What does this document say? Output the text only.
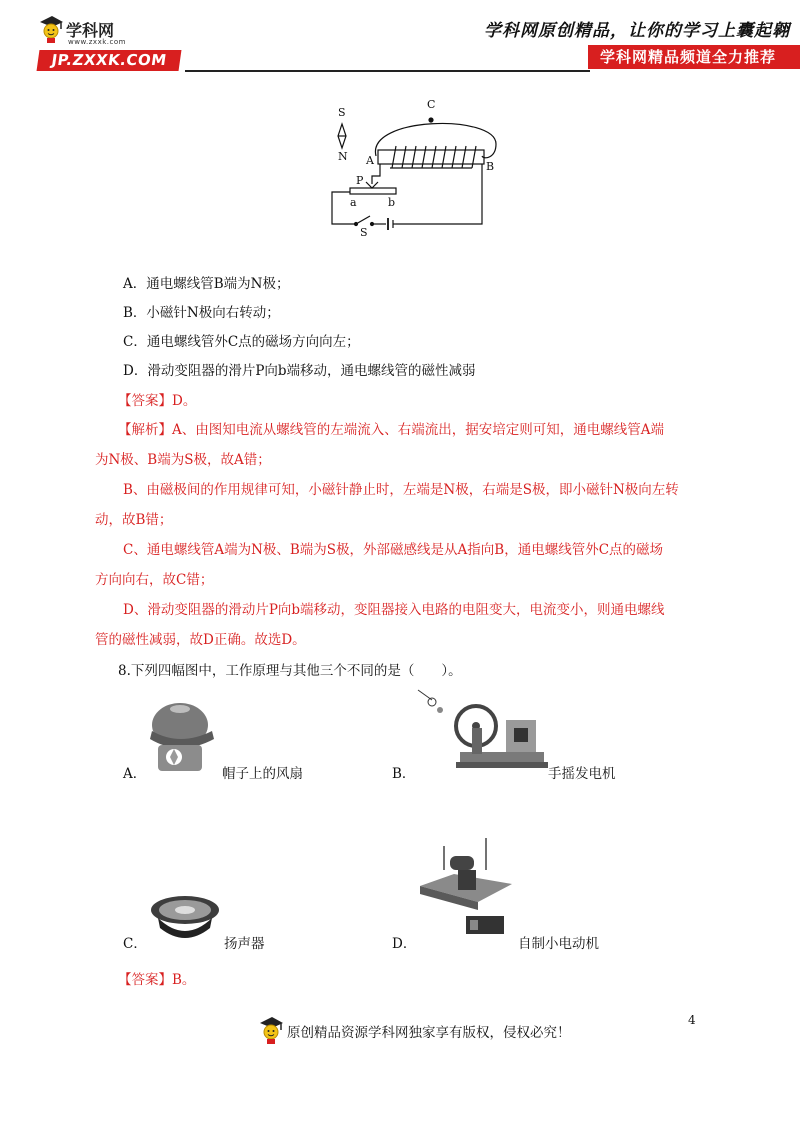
学科网
www.zxxk.com
JP.ZXXK.COM
学科网原创精品，让你的学习上囊起翱
学科网精品频道全力推荐
S
N
C
A	B
P
a	b
S
A．通电螺线管B端为N极；
B．小磁针N极向右转动；
C．通电螺线管外C点的磁场方向向左；
D．滑动变阻器的滑片P向b端移动，通电螺线管的磁性减弱
【答案】D。
【解析】A、由图知电流从螺线管的左端流入、右端流出，据安培定则可知，通电螺线管A端
为N极、B端为S极，故A错；
B、由磁极间的作用规律可知，小磁针静止时，左端是N极，右端是S极，即小磁针N极向左转
动，故B错；
C、通电螺线管A端为N极、B端为S极，外部磁感线是从A指向B，通电螺线管外C点的磁场
方向向右，故C错；
D、滑动变阻器的滑动片P向b端移动，变阻器接入电路的电阻变大，电流变小，则通电螺线
管的磁性减弱，故D正确。故选D。
8.下列四幅图中，工作原理与其他三个不同的是（　　）。
A．	帽子上的风扇	B．	手摇发电机
C．	扬声器	D．	自制小电动机
【答案】B。
原创精品资源学科网独家享有版权，侵权必究！
4
